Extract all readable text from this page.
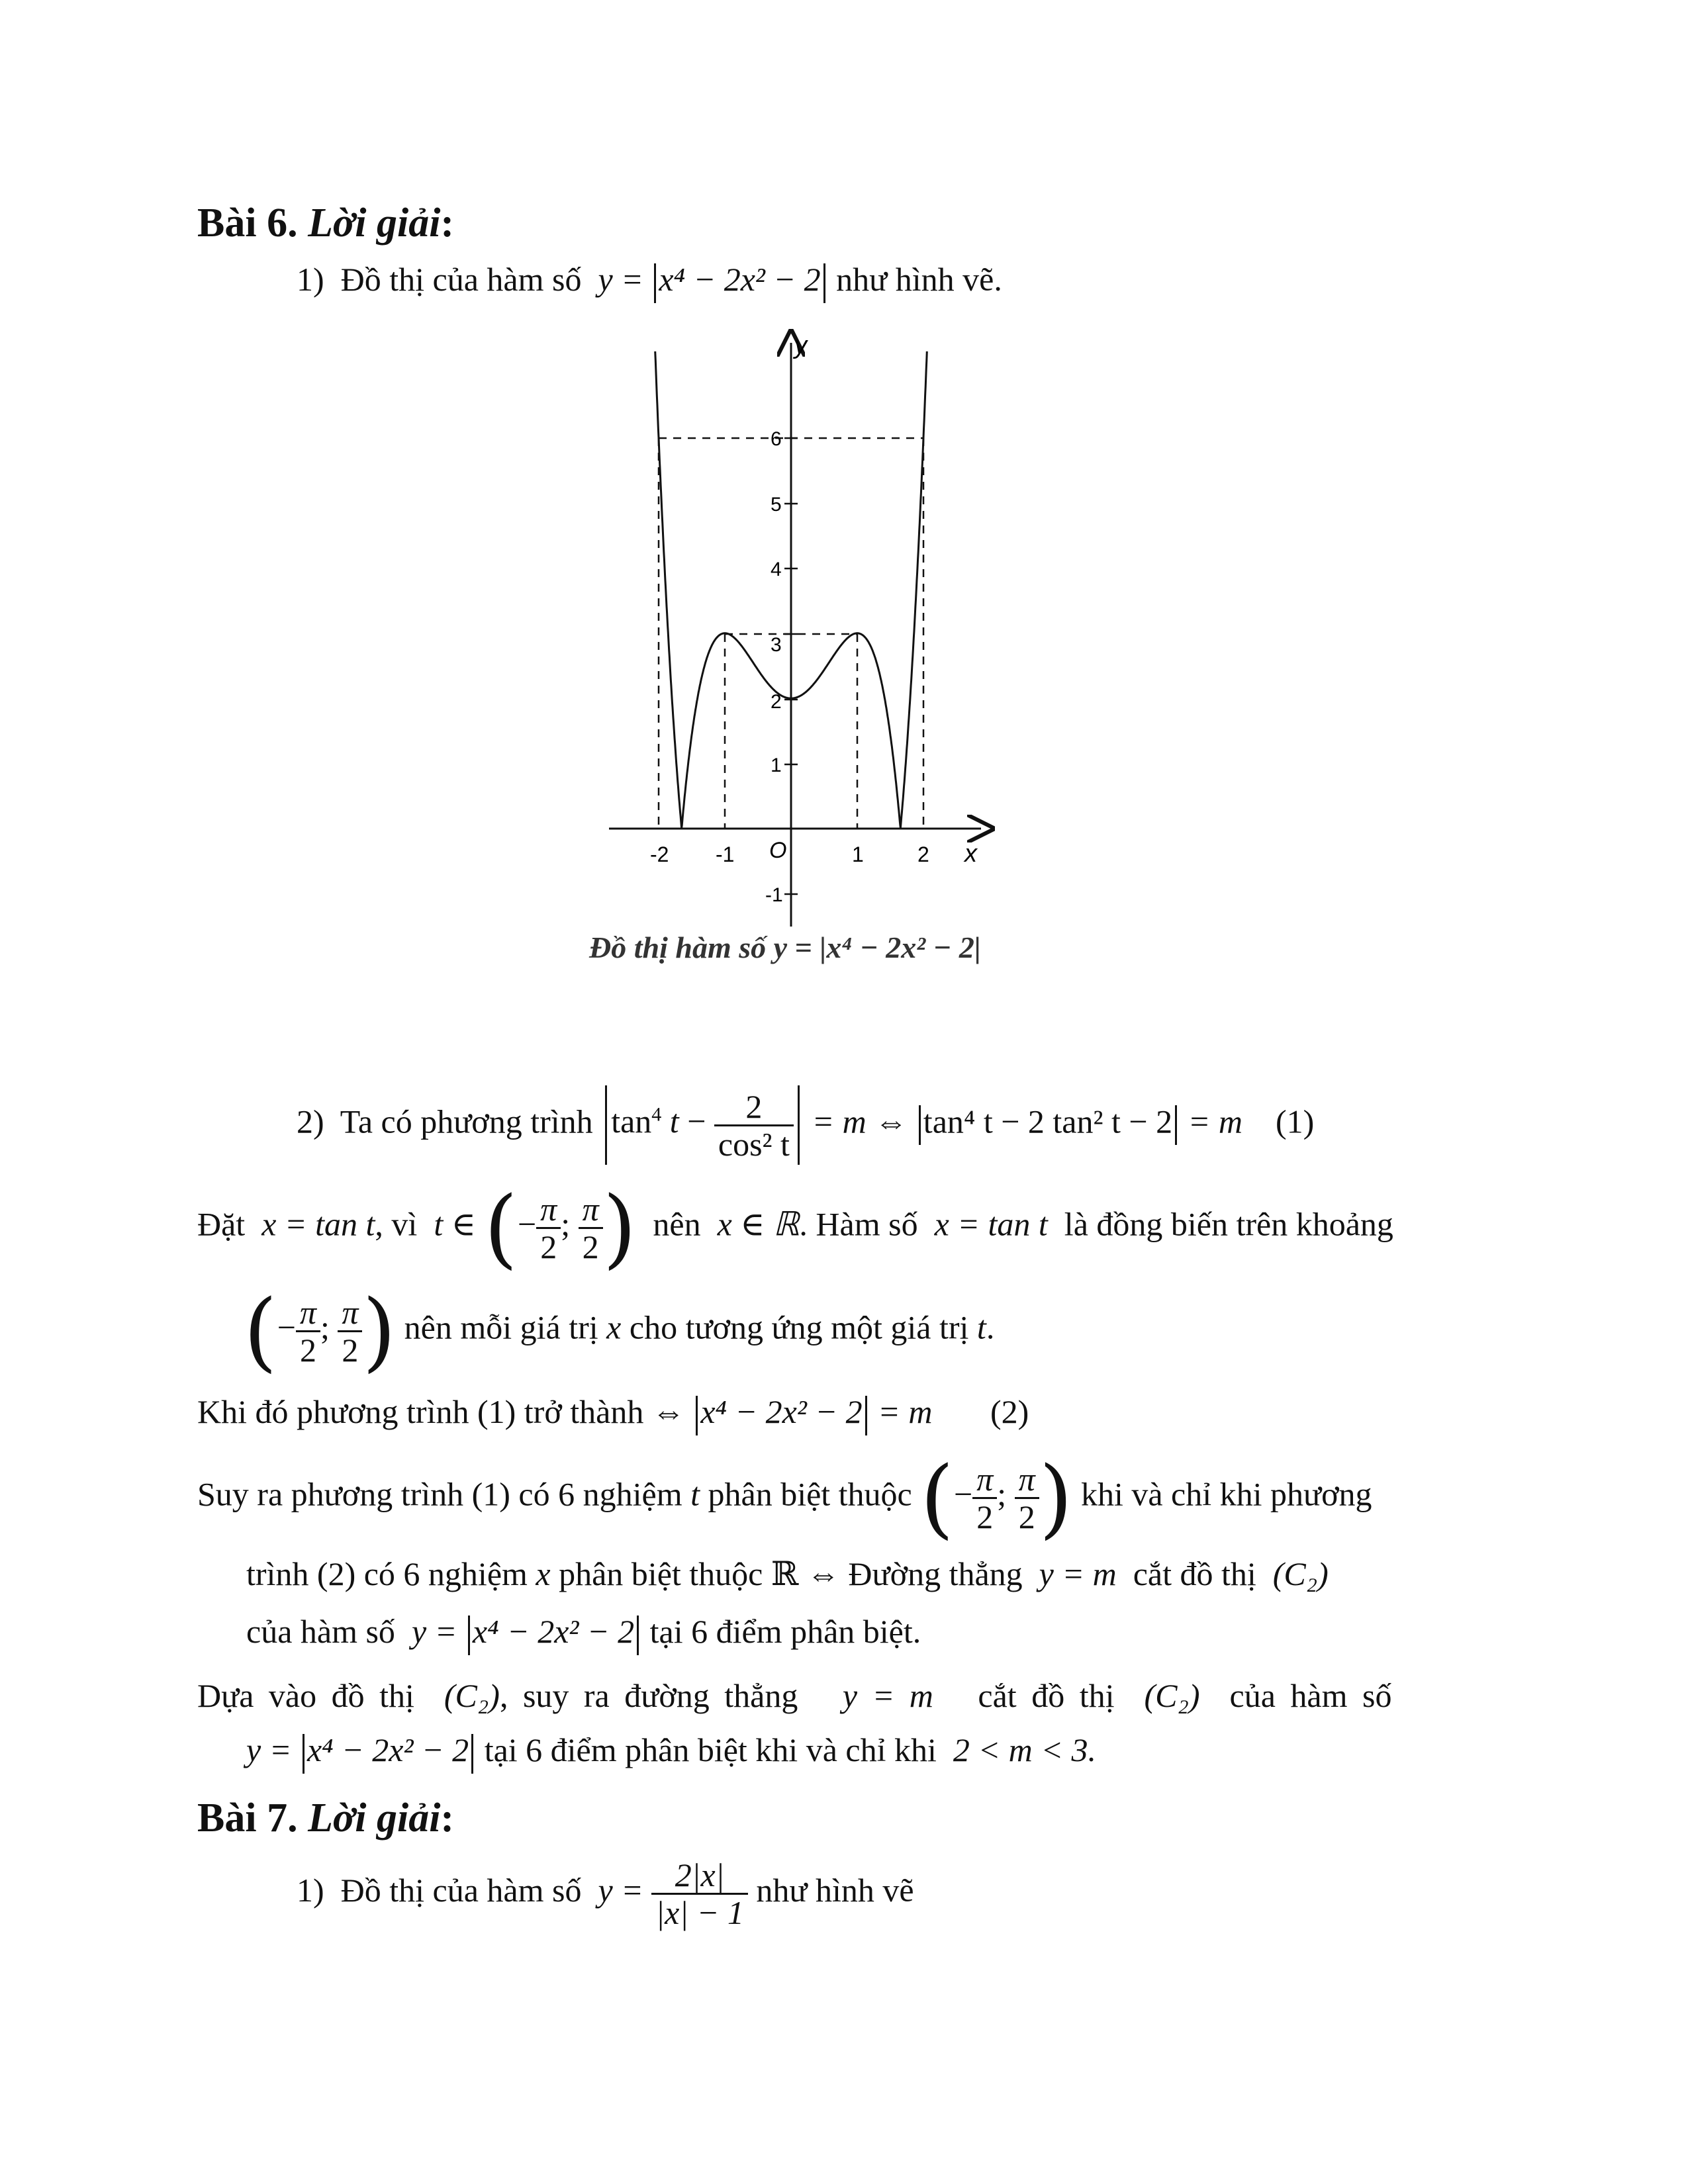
Bài 6. Lời giải:
1) Đồ thị của hàm số y = x⁴ − 2x² − 2 như hình vẽ.
-2 -1 O	1	2 x
y
6
5
4
3
2
1
-1
Đồ thị hàm số y = |x⁴ − 2x² − 2|
2) Ta có phương trình $\tan^4 t - \frac{2}{\text{cos² t}} = m$ ⇔ tan⁴ t − 2 tan² t − 2 = m (1)
Đặt x = tan t, vì t ∈ (− $\frac{\pi}{2}$ ; $\frac{\pi}{2}$ ) nên x ∈ ℝ. Hàm số x = tan t là đồng biến trên khoảng
(− $\frac{\pi}{2}$ ; $\frac{\pi}{2}$ ) nên mỗi giá trị x cho tương ứng một giá trị t.
Khi đó phương trình (1) trở thành ⇔ x⁴ − 2x² − 2 = m (2)
Suy ra phương trình (1) có 6 nghiệm t phân biệt thuộc (− $\frac{\pi}{2}$ ; $\frac{\pi}{2}$ ) khi và chỉ khi phương
trình (2) có 6 nghiệm x phân biệt thuộc ℝ ⇔ Đường thẳng y = m cắt đồ thị (C₂)
của hàm số y = x⁴ − 2x² − 2 tại 6 điểm phân biệt.
Dựa vào đồ thị (C₂), suy ra đường thẳng y = m cắt đồ thị (C₂) của hàm số
y = x⁴ − 2x² − 2 tại 6 điểm phân biệt khi và chỉ khi 2 < m < 3.
Bài 7. Lời giải:
1) Đồ thị của hàm số $y = \frac{2|x|}{|x| - 1}$ như hình vẽ
